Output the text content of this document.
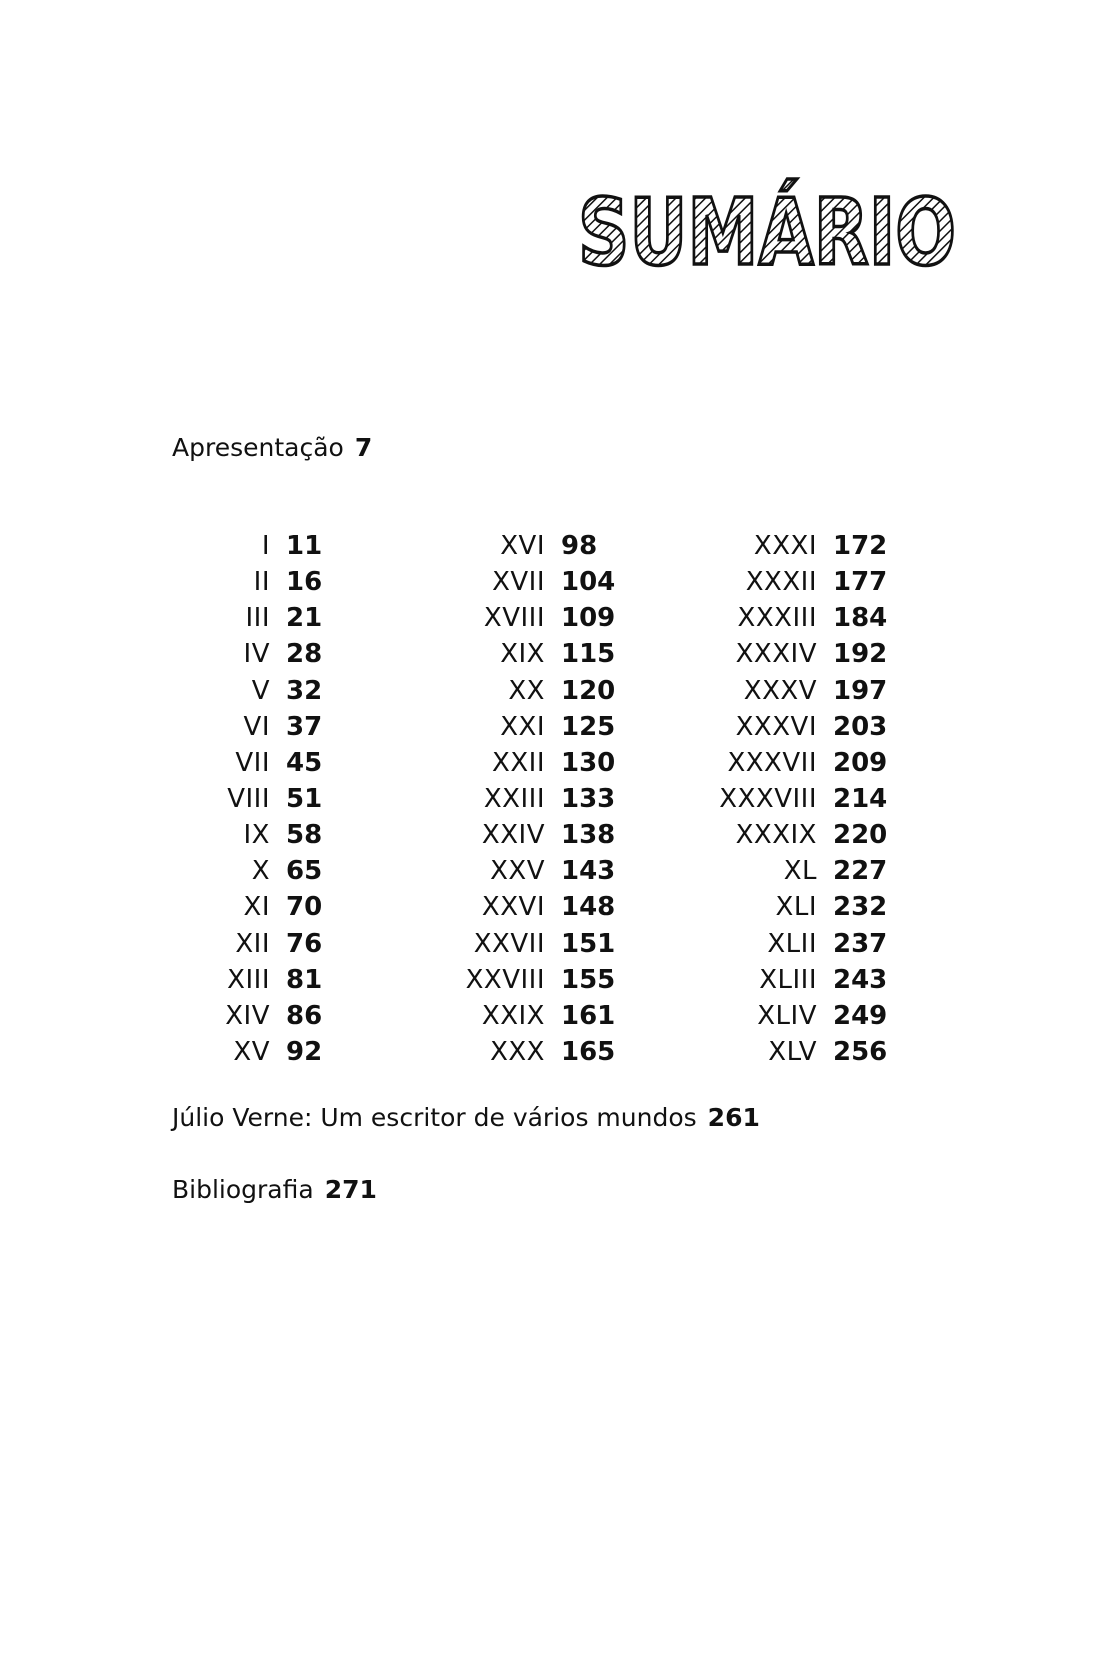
SUMÁRIO
Apresentação 7
I 11
II 16
III 21
IV 28
V 32
VI 37
VII 45
VIII 51
IX 58
X 65
XI 70
XII 76
XIII 81
XIV 86
XV 92
XVI 98
XVII 104
XVIII 109
XIX 115
XX 120
XXI 125
XXII 130
XXIII 133
XXIV 138
XXV 143
XXVI 148
XXVII 151
XXVIII 155
XXIX 161
XXX 165
XXXI 172
XXXII 177
XXXIII 184
XXXIV 192
XXXV 197
XXXVI 203
XXXVII 209
XXXVIII 214
XXXIX 220
XL 227
XLI 232
XLII 237
XLIII 243
XLIV 249
XLV 256
Júlio Verne: Um escritor de vários mundos 261
Bibliografia 271
